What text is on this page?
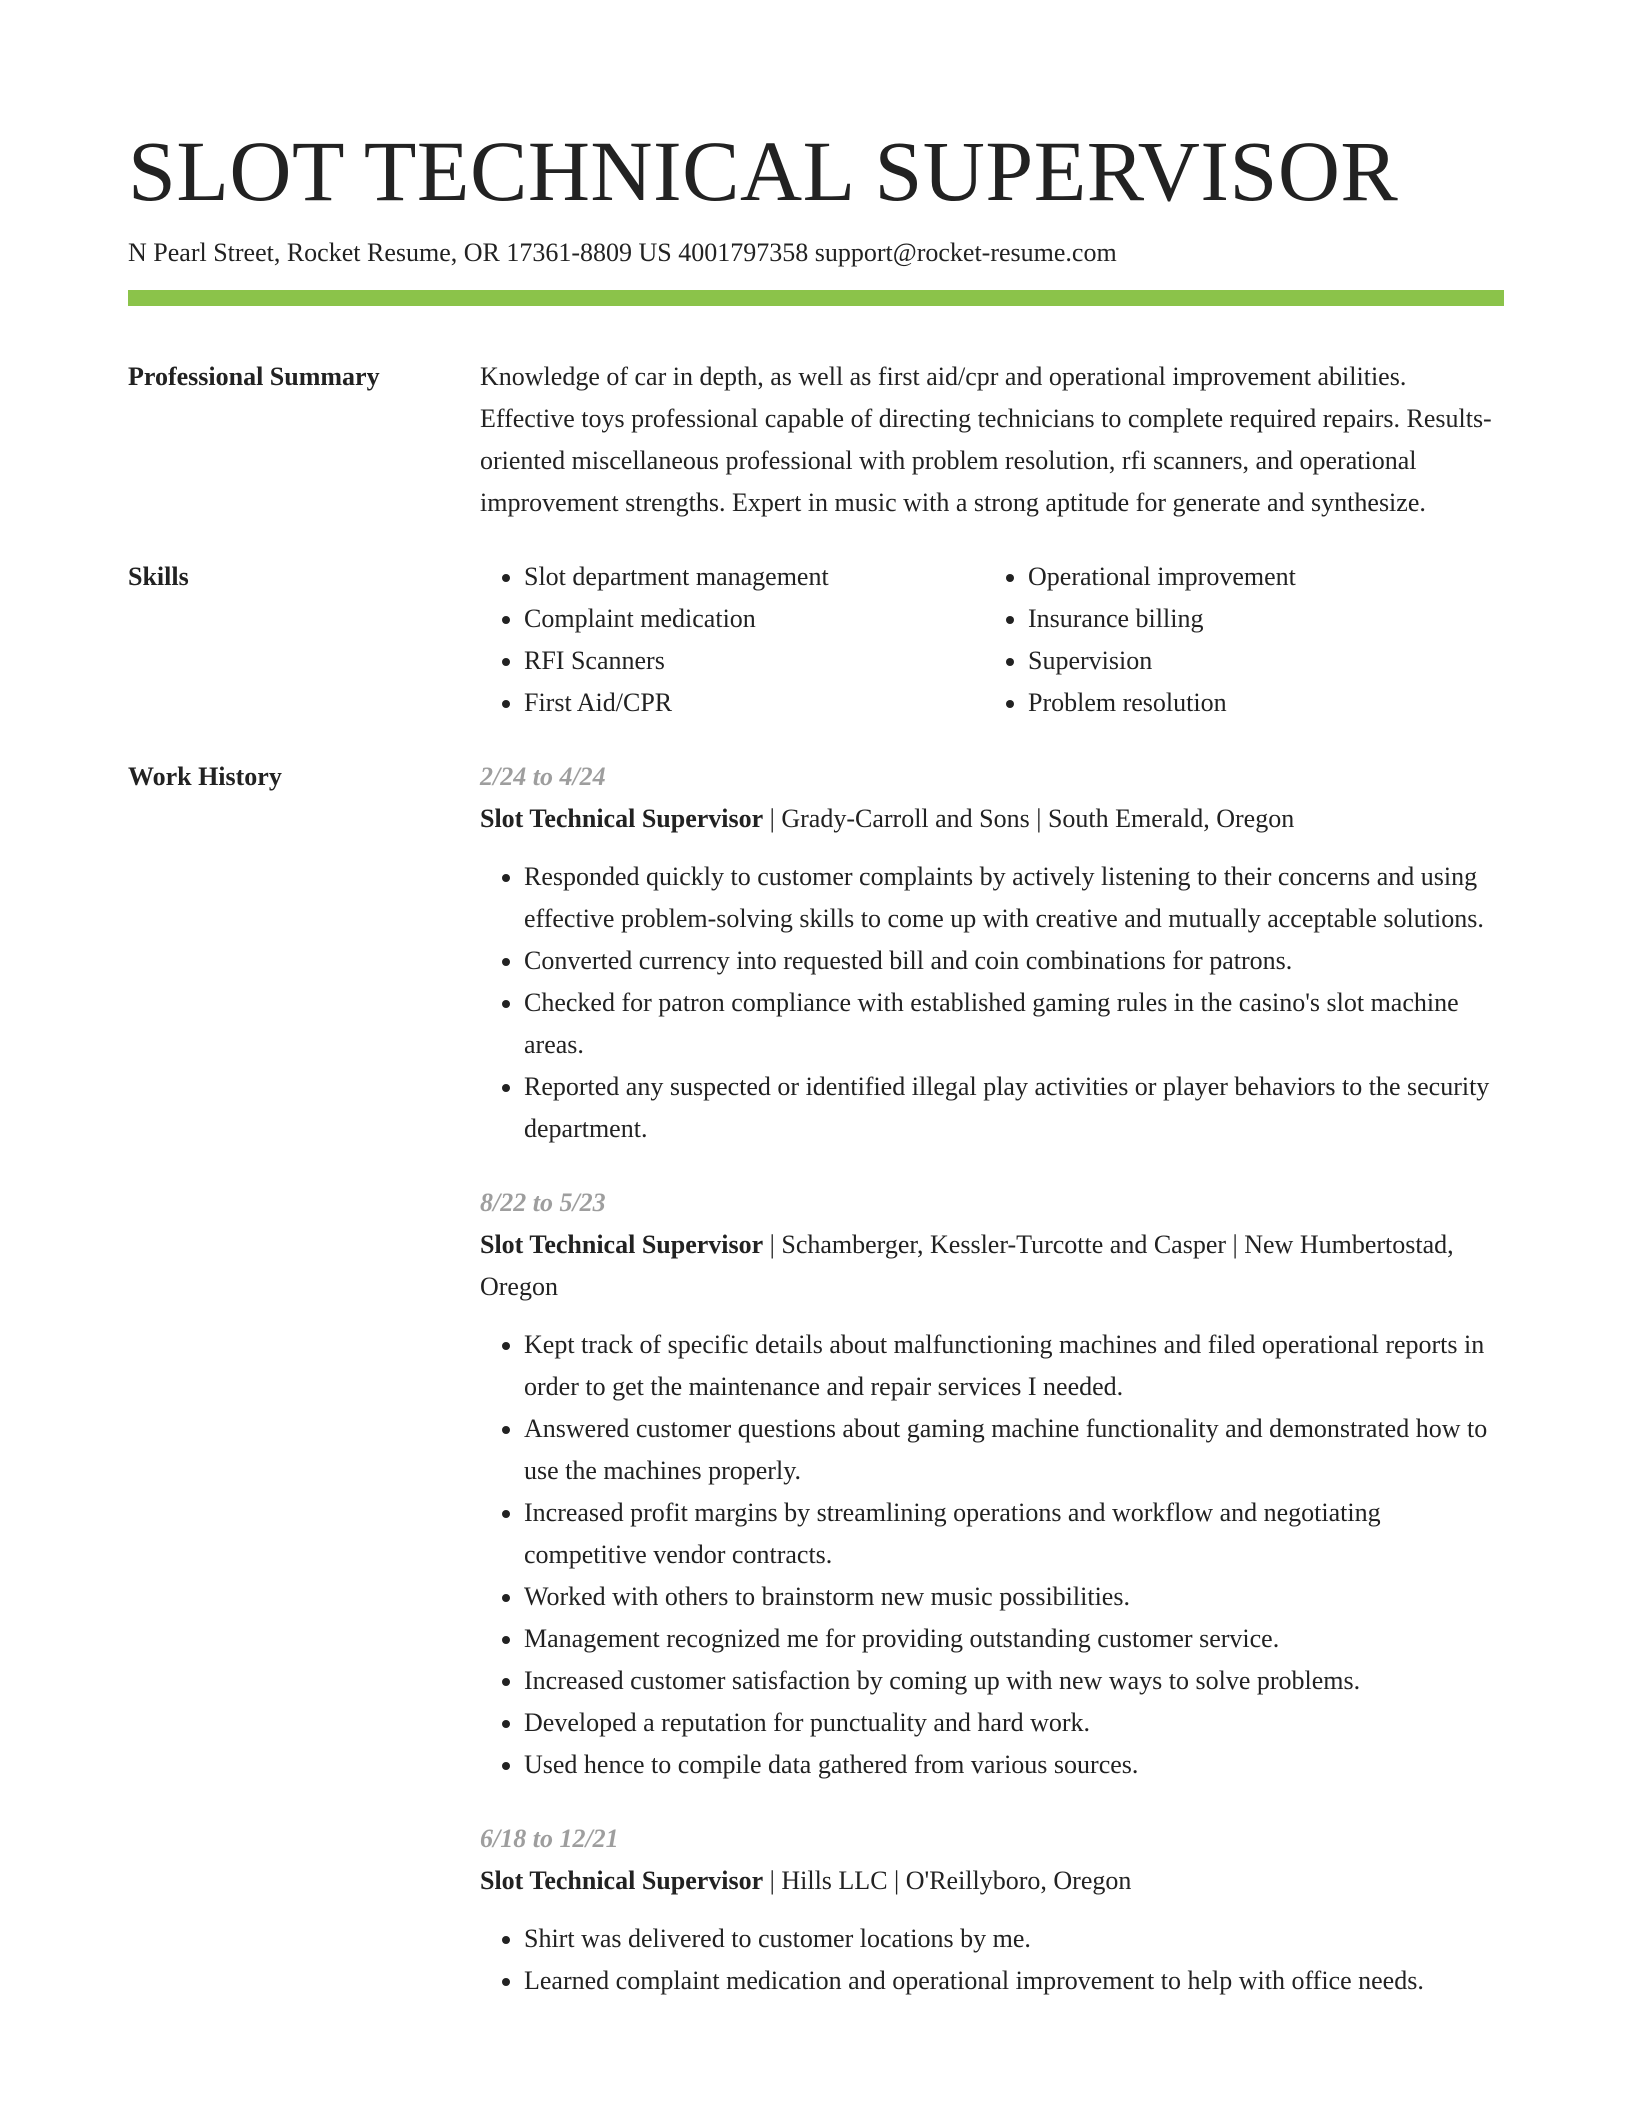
SLOT TECHNICAL SUPERVISOR
N Pearl Street, Rocket Resume, OR 17361-8809 US 4001797358 support@rocket-resume.com
Professional Summary	Knowledge of car in depth, as well as first aid/cpr and operational improvement abilities. Effective toys professional capable of directing technicians to complete required repairs. Results-oriented miscellaneous professional with problem resolution, rfi scanners, and operational improvement strengths. Expert in music with a strong aptitude for generate and synthesize.
Skills
•	Slot department management
• Complaint medication
• RFI Scanners
• First Aid/CPR
• Operational improvement
• Insurance billing
• Supervision
• Problem resolution
Work History	2/24 to 4/24
Slot Technical Supervisor | Grady-Carroll and Sons | South Emerald, Oregon
• Responded quickly to customer complaints by actively listening to their concerns and using effective problem-solving skills to come up with creative and mutually acceptable solutions.
• Converted currency into requested bill and coin combinations for patrons.
• Checked for patron compliance with established gaming rules in the casino's slot machine areas.
• Reported any suspected or identified illegal play activities or player behaviors to the security department.
8/22 to 5/23
Slot Technical Supervisor | Schamberger, Kessler-Turcotte and Casper | New Humbertostad, Oregon
• Kept track of specific details about malfunctioning machines and filed operational reports in order to get the maintenance and repair services I needed.
• Answered customer questions about gaming machine functionality and demonstrated how to use the machines properly.
• Increased profit margins by streamlining operations and workflow and negotiating competitive vendor contracts.
• Worked with others to brainstorm new music possibilities.
• Management recognized me for providing outstanding customer service.
• Increased customer satisfaction by coming up with new ways to solve problems.
• Developed a reputation for punctuality and hard work.
• Used hence to compile data gathered from various sources.
6/18 to 12/21
Slot Technical Supervisor | Hills LLC | O'Reillyboro, Oregon
• Shirt was delivered to customer locations by me.
• Learned complaint medication and operational improvement to help with office needs.
